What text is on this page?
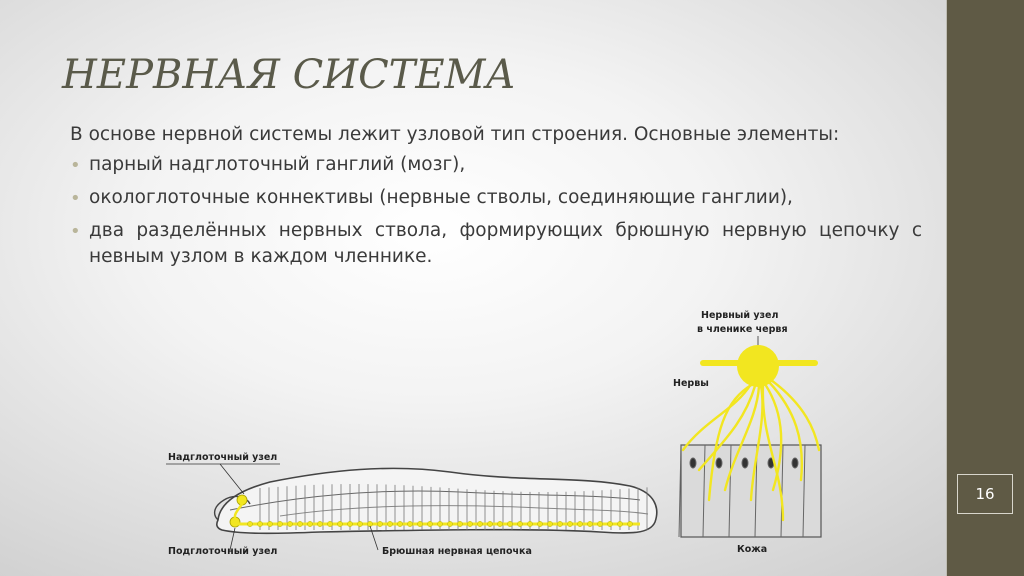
16
НЕРВНАЯ СИСТЕМА

В основе нервной системы лежит узловой тип строения. Основные элементы:

• парный надглоточный ганглий (мозг),
• окологлоточные коннективы (нервные стволы, соединяющие ганглии),
• два разделённых нервных ствола, формирующих брюшную нервную цепочку с невным узлом в каждом членнике.
Надглоточный узел
Подглоточный узел	Брюшная нервная цепочка
Нервный узел
в членике червя
Нервы
Кожа
